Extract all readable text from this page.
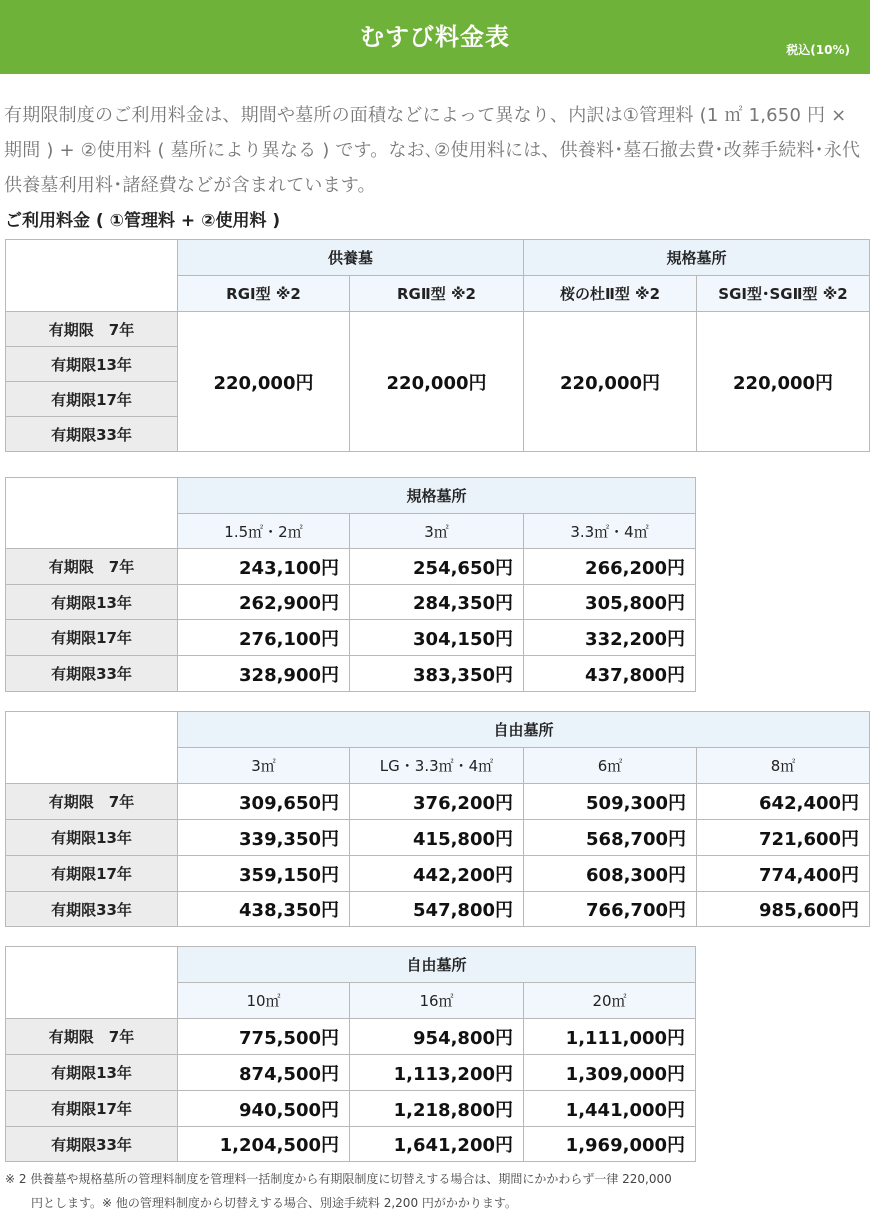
むすび料金表	税込(10%)
有期限制度のご利用料金は、期間や墓所の面積などによって異なり、内訳は①管理料 (1 ㎡ 1,650 円 × 期間 ) + ②使用料 ( 墓所により異なる ) です。なお､②使用料には、供養料･墓石撤去費･改葬手続料･永代供養墓利用料･諸経費などが含まれています。
ご利用料金 ( ①管理料 + ②使用料 )
	供養墓		規格墓所	
	RGⅠ型 ※2	RGⅡ型 ※2	桜の杜Ⅱ型 ※2	SGⅠ型･SGⅡ型 ※2
有期限　7年	220,000円	220,000円	220,000円	220,000円
有期限13年				
有期限17年				
有期限33年				
	規格墓所		
	1.5㎡・2㎡	3㎡	3.3㎡・4㎡
有期限　7年	243,100円	254,650円	266,200円
有期限13年	262,900円	284,350円	305,800円
有期限17年	276,100円	304,150円	332,200円
有期限33年	328,900円	383,350円	437,800円
	自由墓所			
	3㎡	LG・3.3㎡・4㎡	6㎡	8㎡
有期限　7年	309,650円	376,200円	509,300円	642,400円
有期限13年	339,350円	415,800円	568,700円	721,600円
有期限17年	359,150円	442,200円	608,300円	774,400円
有期限33年	438,350円	547,800円	766,700円	985,600円
	自由墓所		
	10㎡	16㎡	20㎡
有期限　7年	775,500円	954,800円	1,111,000円
有期限13年	874,500円	1,113,200円	1,309,000円
有期限17年	940,500円	1,218,800円	1,441,000円
有期限33年	1,204,500円	1,641,200円	1,969,000円
※ 2 供養墓や規格墓所の管理料制度を管理料一括制度から有期限制度に切替えする場合は、期間にかかわらず一律 220,000
円とします。※ 他の管理料制度から切替えする場合、別途手続料 2,200 円がかかります。
